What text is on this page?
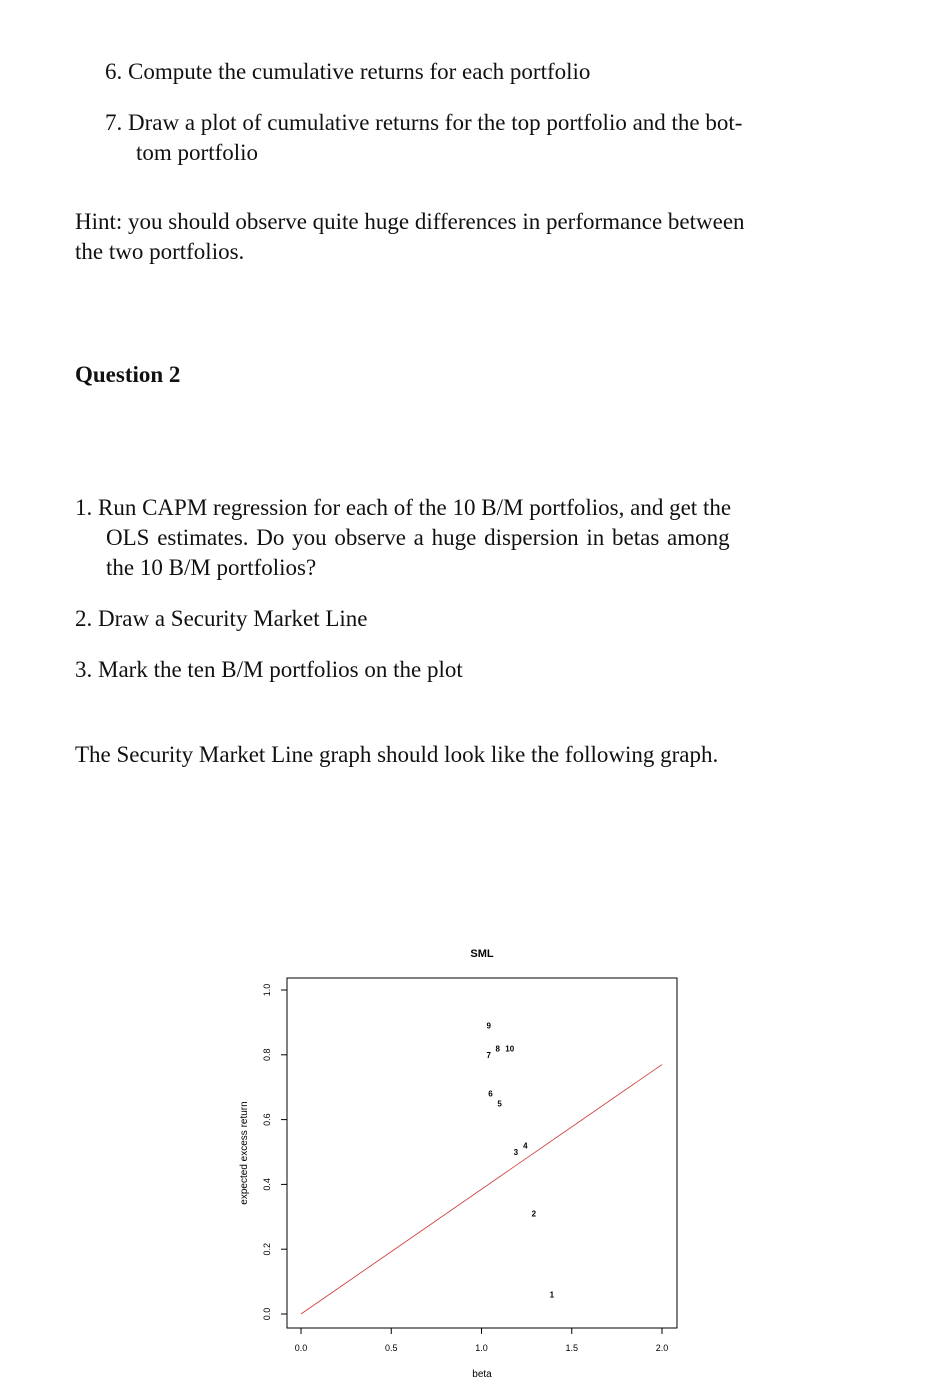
6. Compute the cumulative returns for each portfolio
7. Draw a plot of cumulative returns for the top portfolio and the bot-
tom portfolio
Hint: you should observe quite huge differences in performance between
the two portfolios.
Question 2
1. Run CAPM regression for each of the 10 B/M portfolios, and get the
OLS estimates. Do you observe a huge dispersion in betas among
the 10 B/M portfolios?
2. Draw a Security Market Line
3. Mark the ten B/M portfolios on the plot
The Security Market Line graph should look like the following graph.
SML
beta
expected excess return
0.0	0.5	1.0	1.5	2.0
0.0
0.2
0.4
0.6
0.8
1.0
1
2
3
4
5
6
7
8 10
9
